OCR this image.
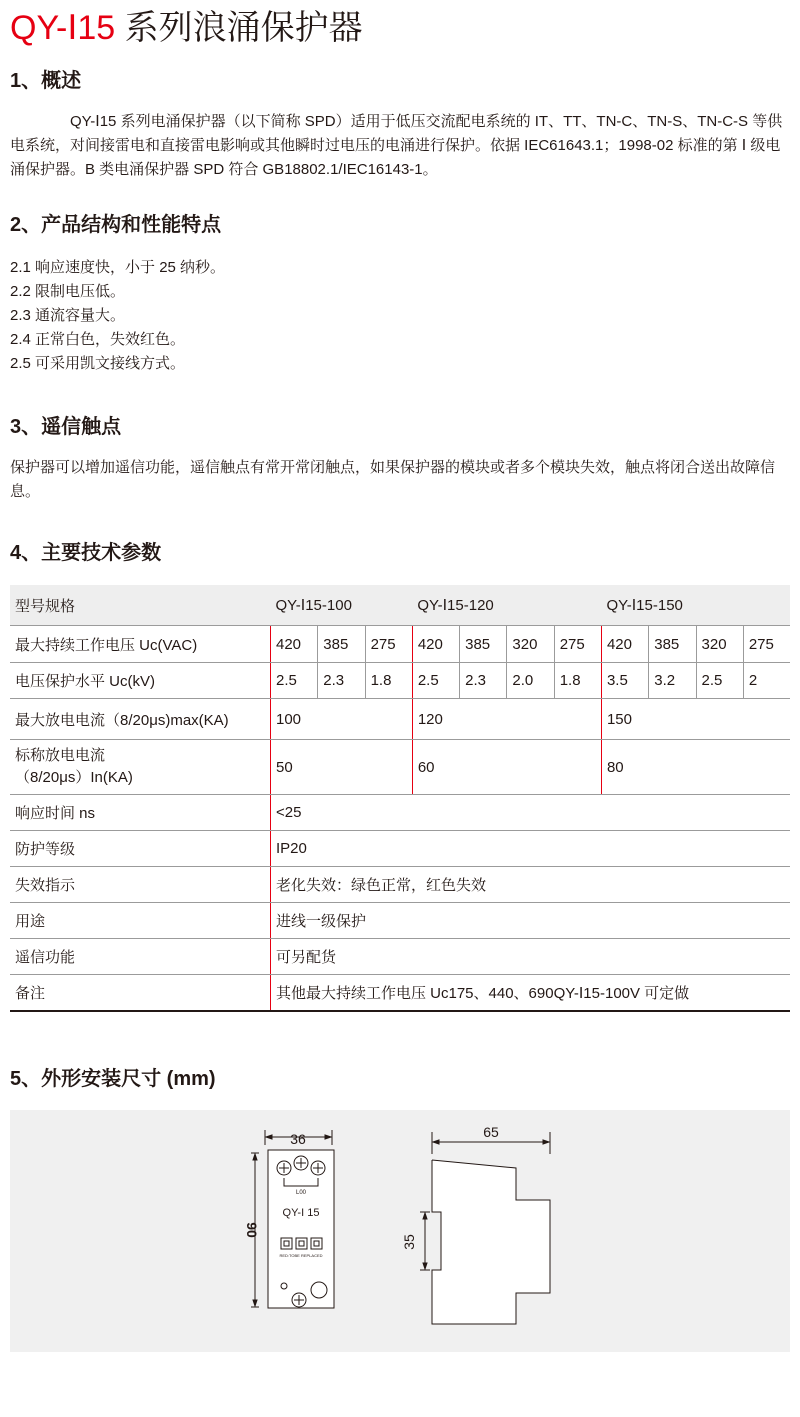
QY-Ⅰ15 系列浪涌保护器
1、概述

QY-Ⅰ15 系列电涌保护器（以下简称 SPD）适用于低压交流配电系统的 IT、TT、TN-C、TN-S、TN-C-S 等供电系统，对间接雷电和直接雷电影响或其他瞬时过电压的电涌进行保护。依据 IEC61643.1；1998-02 标准的第 Ⅰ 级电涌保护器。B 类电涌保护器 SPD 符合 GB18802.1/IEC16143-1。

2、产品结构和性能特点
2.1 响应速度快，小于 25 纳秒。
2.2 限制电压低。
2.3 通流容量大。
2.4 正常白色，失效红色。
2.5 可采用凯文接线方式。
3、遥信触点

保护器可以增加遥信功能，遥信触点有常开常闭触点，如果保护器的模块或者多个模块失效，触点将闭合送出故障信息。

4、主要技术参数
型号规格	QY-Ⅰ15-100			QY-Ⅰ15-120				QY-Ⅰ15-150			
最大持续工作电压 Uc(VAC)	420	385	275	420	385	320	275	420	385	320	275
电压保护水平 Uc(kV)	2.5	2.3	1.8	2.5	2.3	2.0	1.8	3.5	3.2	2.5	2
最大放电电流（8/20μs)max(KA)	100			120				150			

标称放电电流
（8/20μs）In(KA)	50			60				80			
响应时间 ns	<25										
防护等级	IP20										
失效指示	老化失效：绿色正常，红色失效										
用途	进线一级保护										
遥信功能	可另配货										
备注	其他最大持续工作电压 Uc175、440、690QY-Ⅰ15-100V 可定做										
5、外形安装尺寸 (mm)
36
90
L00
QY-I 15
RED:TOBE REPLACED
65
35
